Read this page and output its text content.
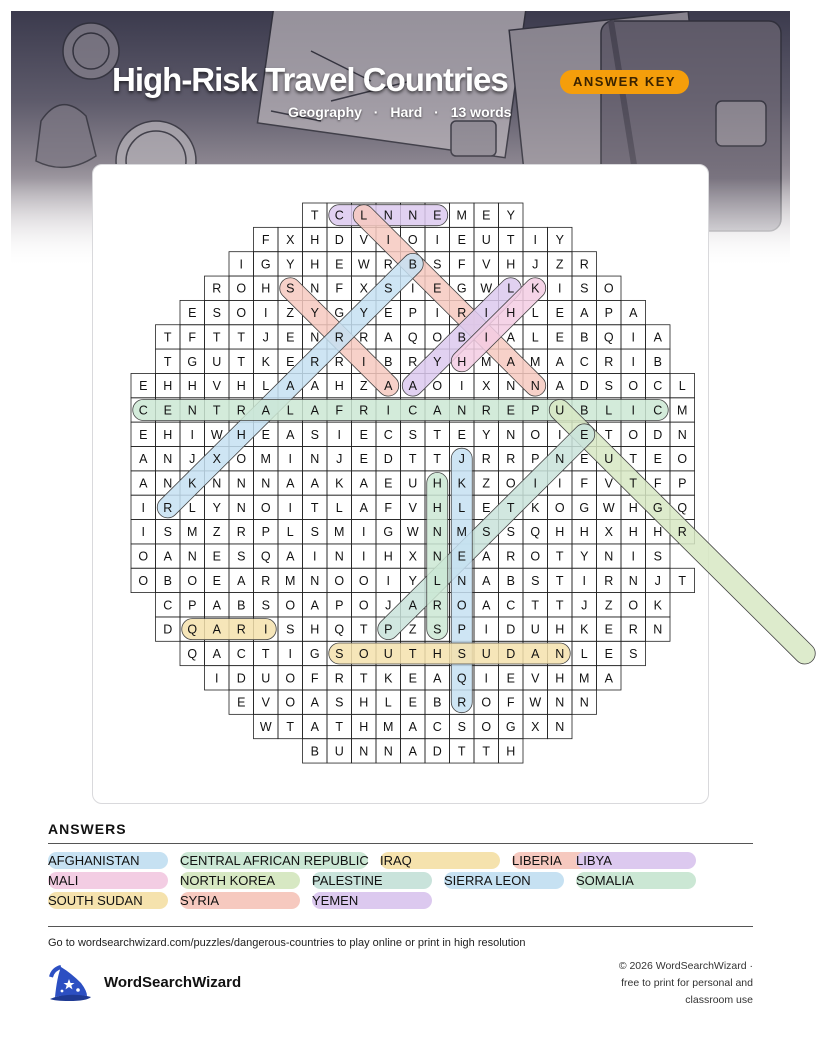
High-Risk Travel Countries	ANSWER KEY
Geography · Hard · 13 words
T C L N N E M E Y
F X H D V I O I E U T I Y
I G Y H E W R B S F V H J Z R
R O H S N F X S I E G W L K I S O
E S O I Z Y G Y E P I R I H L E A P A
T F T T J E N R R A Q O B I A L E B Q I A
T G U T K E R R I B R Y H M A M A C R I B
E H H V H L A A H Z A A O I X N N A D S O C L
C E N T R A L A F R I C A N R E P U B L I C M
E H I W H E A S I E C S T E Y N O I E T O D N
A N J X O M I N J E D T T J R R P N E U T E O
A N K N N N A A K A E U H K Z O I I F V T F P
I R L Y N O I T L A F V H L E T K O G W H G Q
I S M Z R P L S M I G W N M S S Q H H X H H R
O A N E S Q A I N I H X N E A R O T Y N I S
O B O E A R M N O O I Y L N A B S T I R N J T
C P A B S O A P O J A R O A C T T J Z O K
D Q A R I S H Q T P Z S P I D U H K E R N
Q A C T I G S O U T H S U D A N L E S
I D U O F R T K E A Q I E V H M A
E V O A S H L E B R O F W N N
W T A T H M A C S O G X N
B U N N A D T T H
ANSWERS
AFGHANISTAN	CENTRAL AFRICAN REPUBLIC IRAQ	LIBERIA	LIBYA
MALI	NORTH KOREA	PALESTINE	SIERRA LEON	SOMALIA
SOUTH SUDAN	SYRIA	YEMEN
Go to wordsearchwizard.com/puzzles/dangerous-countries to play online or print in high resolution
WordSearchWizard
© 2026 WordSearchWizard ·
free to print for personal and
classroom use
